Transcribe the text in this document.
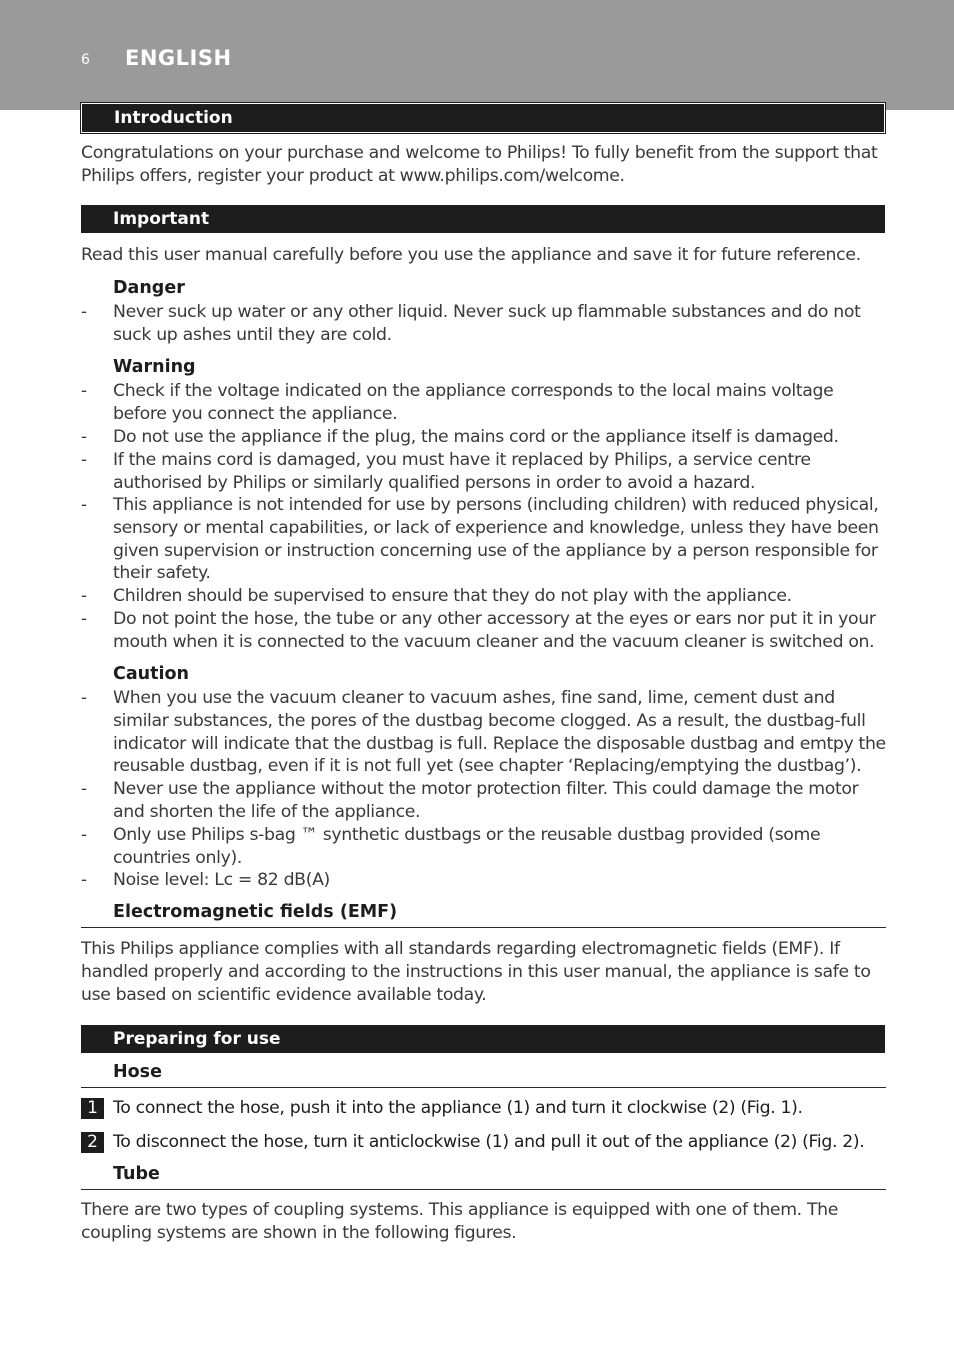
6 ENGLISH
Introduction
Congratulations on your purchase and welcome to Philips! To fully benefit from the support that Philips offers, register your product at www.philips.com/welcome.
Important
Read this user manual carefully before you use the appliance and save it for future reference.
Danger
- Never suck up water or any other liquid. Never suck up flammable substances and do not suck up ashes until they are cold.
Warning
- Check if the voltage indicated on the appliance corresponds to the local mains voltage before you connect the appliance.
- Do not use the appliance if the plug, the mains cord or the appliance itself is damaged.
- If the mains cord is damaged, you must have it replaced by Philips, a service centre authorised by Philips or similarly qualified persons in order to avoid a hazard.
- This appliance is not intended for use by persons (including children) with reduced physical, sensory or mental capabilities, or lack of experience and knowledge, unless they have been given supervision or instruction concerning use of the appliance by a person responsible for their safety.
- Children should be supervised to ensure that they do not play with the appliance.
- Do not point the hose, the tube or any other accessory at the eyes or ears nor put it in your mouth when it is connected to the vacuum cleaner and the vacuum cleaner is switched on.
Caution
- When you use the vacuum cleaner to vacuum ashes, fine sand, lime, cement dust and similar substances, the pores of the dustbag become clogged. As a result, the dustbag-full indicator will indicate that the dustbag is full. Replace the disposable dustbag and emtpy the reusable dustbag, even if it is not full yet (see chapter ‘Replacing/emptying the dustbag’).
- Never use the appliance without the motor protection filter. This could damage the motor and shorten the life of the appliance.
- Only use Philips s-bag ™ synthetic dustbags or the reusable dustbag provided (some countries only).
- Noise level: Lc = 82 dB(A)
Electromagnetic fields (EMF)
This Philips appliance complies with all standards regarding electromagnetic fields (EMF). If handled properly and according to the instructions in this user manual, the appliance is safe to use based on scientific evidence available today.
Preparing for use
Hose
1 To connect the hose, push it into the appliance (1) and turn it clockwise (2) (Fig. 1).
2 To disconnect the hose, turn it anticlockwise (1) and pull it out of the appliance (2) (Fig. 2).
Tube
There are two types of coupling systems. This appliance is equipped with one of them. The coupling systems are shown in the following figures.
